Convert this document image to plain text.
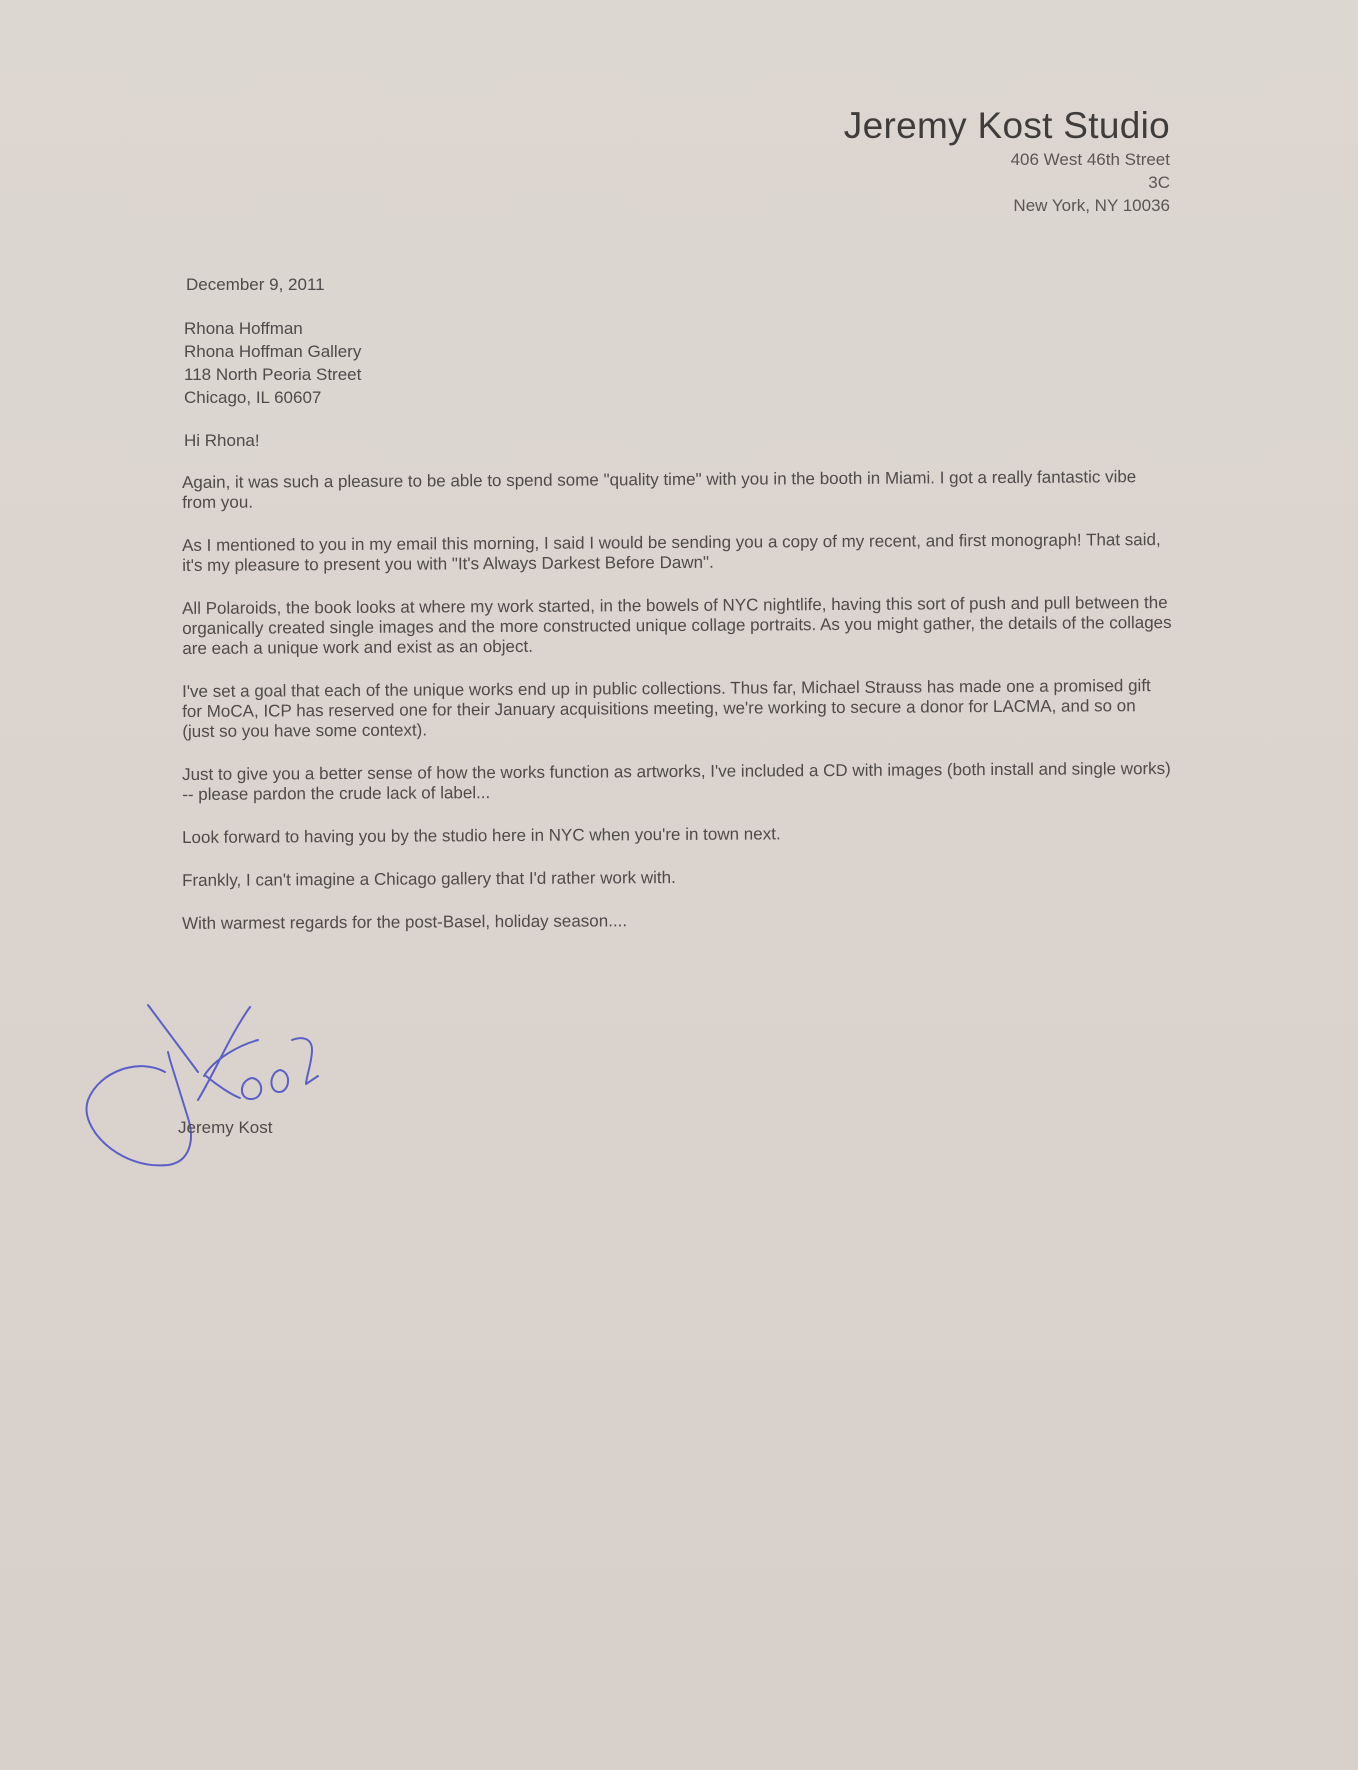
Jeremy Kost Studio
406 West 46th Street
3C
New York, NY 10036
December 9, 2011
Rhona Hoffman
Rhona Hoffman Gallery
118 North Peoria Street
Chicago, IL 60607
Hi Rhona!

Again, it was such a pleasure to be able to spend some "quality time" with you in the booth in Miami. I got a really fantastic vibe from you.

As I mentioned to you in my email this morning, I said I would be sending you a copy of my recent, and first monograph! That said, it's my pleasure to present you with "It's Always Darkest Before Dawn".

All Polaroids, the book looks at where my work started, in the bowels of NYC nightlife, having this sort of push and pull between the organically created single images and the more constructed unique collage portraits. As you might gather, the details of the collages are each a unique work and exist as an object.

I've set a goal that each of the unique works end up in public collections. Thus far, Michael Strauss has made one a promised gift for MoCA, ICP has reserved one for their January acquisitions meeting, we're working to secure a donor for LACMA, and so on (just so you have some context).

Just to give you a better sense of how the works function as artworks, I've included a CD with images (both install and single works) -- please pardon the crude lack of label...

Look forward to having you by the studio here in NYC when you're in town next.

Frankly, I can't imagine a Chicago gallery that I'd rather work with.

With warmest regards for the post-Basel, holiday season....

Jeremy Kost
